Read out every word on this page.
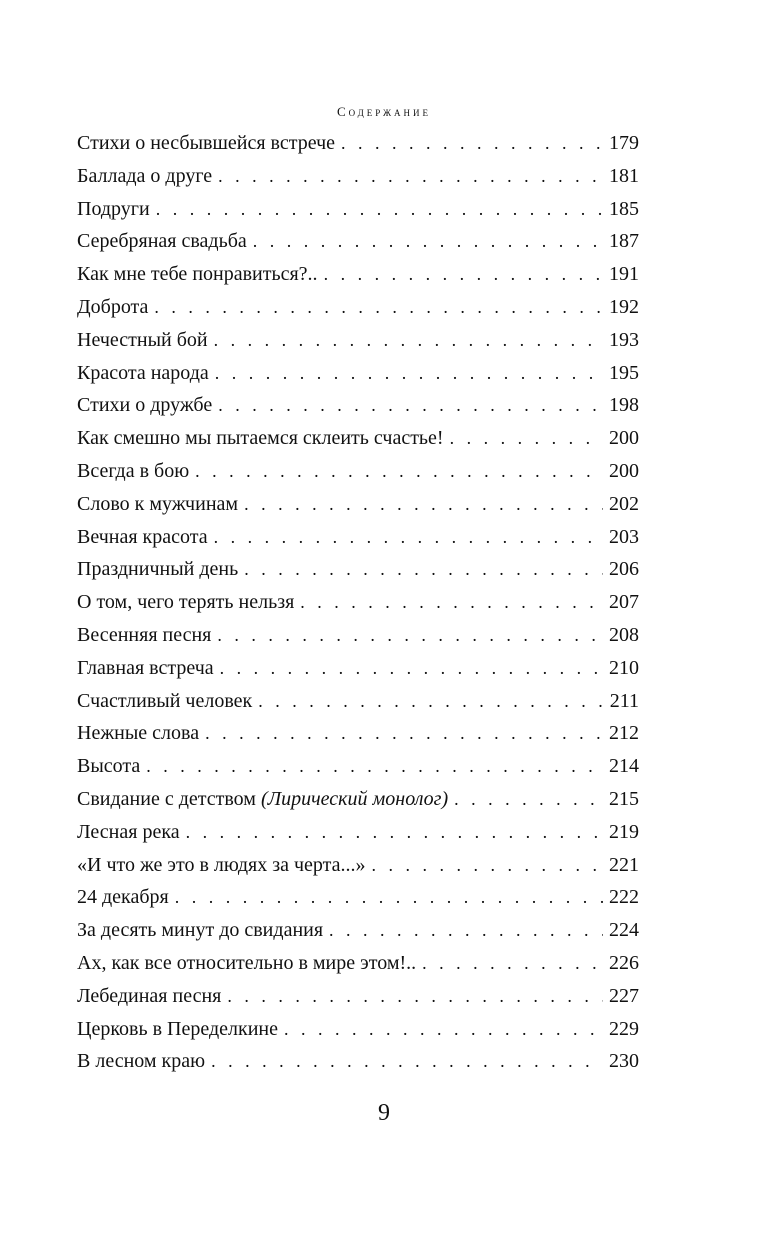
Содержание
Стихи о несбывшейся встрече . . .	179
Баллада о друге . . .	181
Подруги . . .	185
Серебряная свадьба . . .	187
Как мне тебе понравиться?.. . . .	191
Доброта . . .	192
Нечестный бой . . .	193
Красота народа . . .	195
Стихи о дружбе . . .	198
Как смешно мы пытаемся склеить счастье! . . .	200
Всегда в бою . . .	200
Слово к мужчинам . . .	202
Вечная красота . . .	203
Праздничный день . . .	206
О том, чего терять нельзя . . .	207
Весенняя песня . . .	208
Главная встреча . . .	210
Счастливый человек . . .	211
Нежные слова . . .	212
Высота . . .	214
Свидание с детством (Лирический монолог) . . .	215
Лесная река . . .	219
«И что же это в людях за черта...» . . .	221
24 декабря . . .	222
За десять минут до свидания . . .	224
Ах, как все относительно в мире этом!.. . . .	226
Лебединая песня . . .	227
Церковь в Переделкине . . .	229
В лесном краю . . .	230
9
